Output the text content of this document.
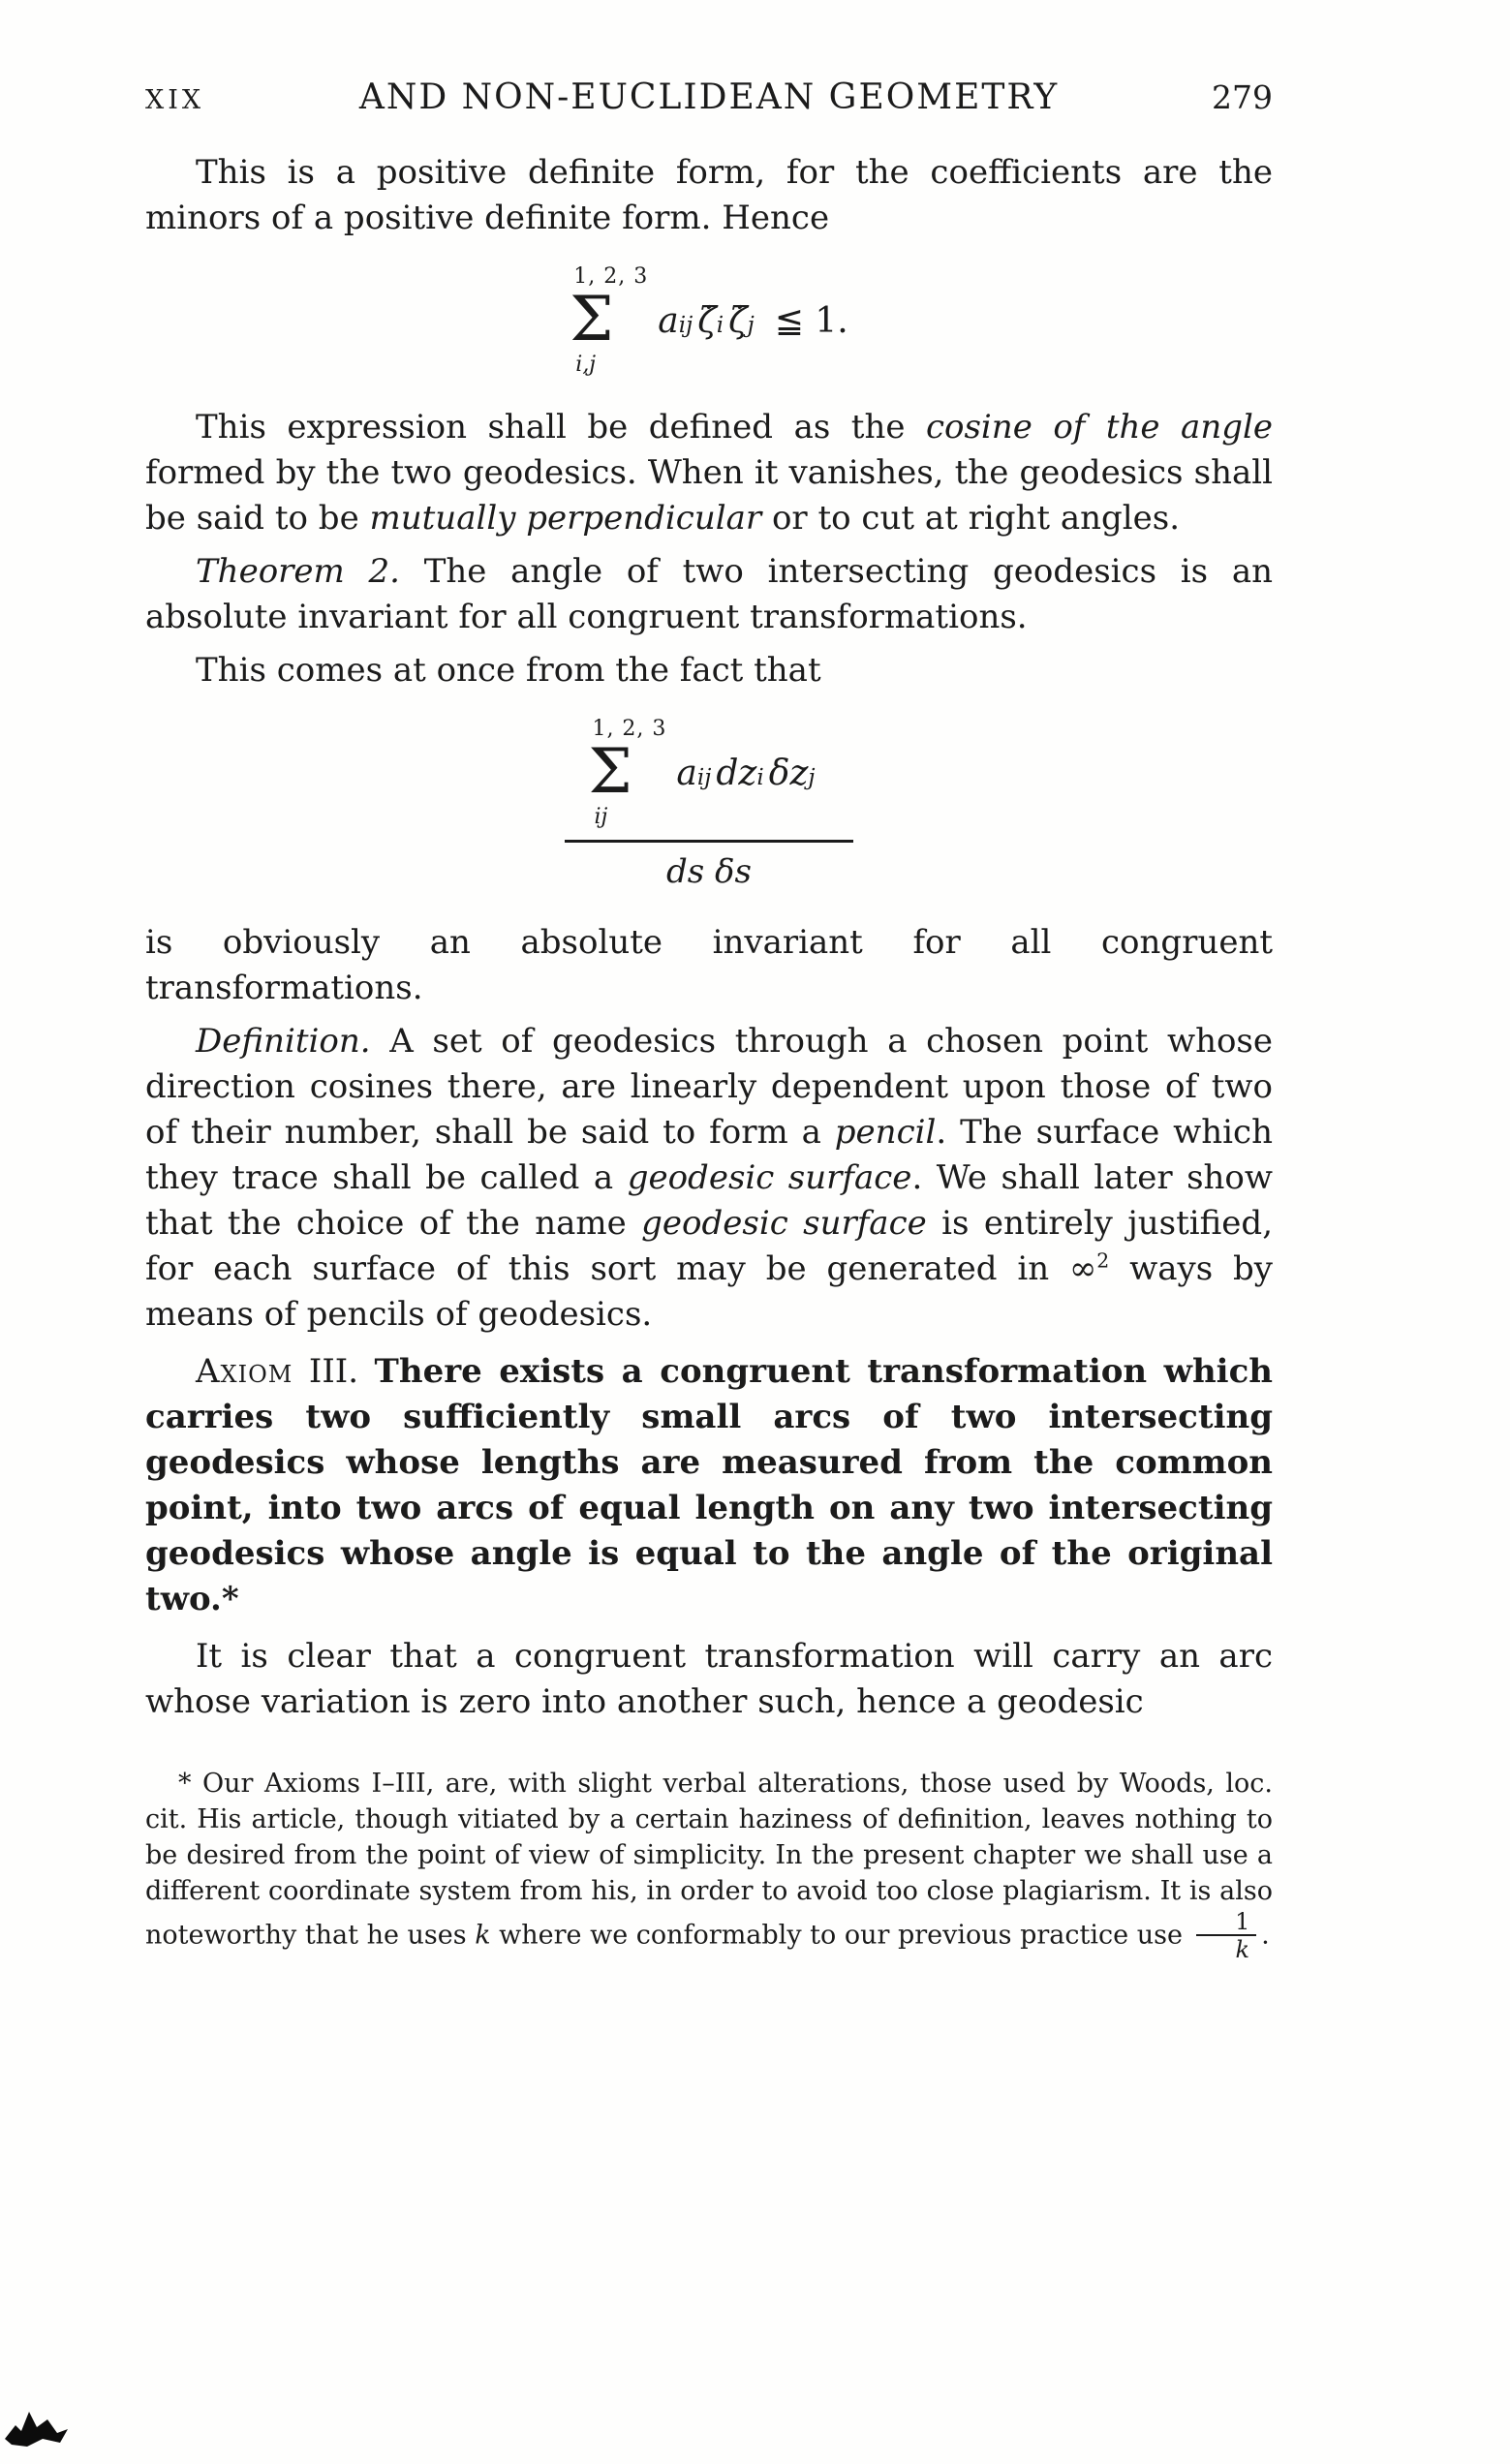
XIX	AND NON-EUCLIDEAN GEOMETRY	279

This is a positive definite form, for the coefficients are the minors of a positive definite form. Hence

1, 2, 3
Σ
i,j
a ij ζ̇ i ζ̇ j ≦ 1.

This expression shall be defined as the cosine of the angle formed by the two geodesics. When it vanishes, the geodesics shall be said to be mutually perpendicular or to cut at right angles.

Theorem 2. The angle of two intersecting geodesics is an absolute invariant for all congruent transformations.

This comes at once from the fact that

1, 2, 3
Σ
ij
a ij dz i δz j
ds δs

is obviously an absolute invariant for all congruent transformations.

Definition. A set of geodesics through a chosen point whose direction cosines there, are linearly dependent upon those of two of their number, shall be said to form a pencil. The surface which they trace shall be called a geodesic surface. We shall later show that the choice of the name geodesic surface is entirely justified, for each surface of this sort may be generated in ∞$^2$ ways by means of pencils of geodesics.

Axiom III. There exists a congruent transformation which carries two sufficiently small arcs of two intersecting geodesics whose lengths are measured from the common point, into two arcs of equal length on any two intersecting geodesics whose angle is equal to the angle of the original two.*

It is clear that a congruent transformation will carry an arc whose variation is zero into another such, hence a geodesic

* Our Axioms I–III, are, with slight verbal alterations, those used by Woods, loc. cit. His article, though vitiated by a certain haziness of definition, leaves nothing to be desired from the point of view of simplicity. In the present chapter we shall use a different coordinate system from his, in order to avoid too close plagiarism. It is also noteworthy that he uses k where we conformably to our previous practice use $\frac{1}{k}$ .
